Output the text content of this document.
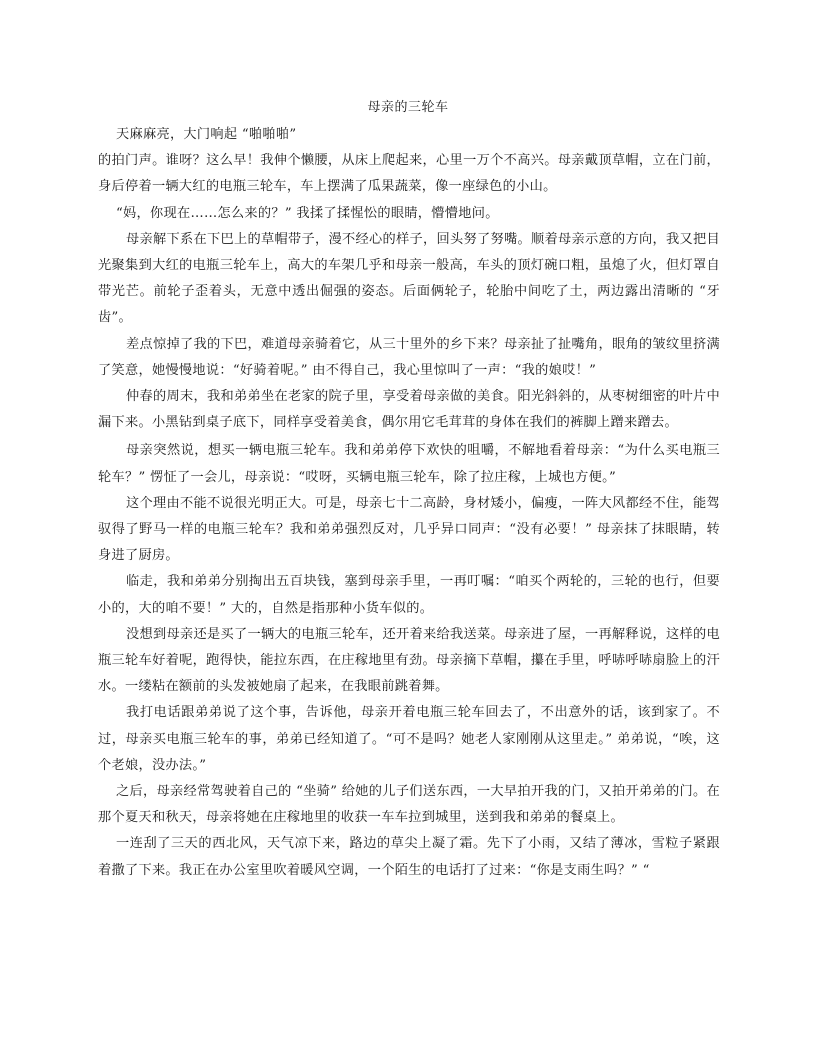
母亲的三轮车

天麻麻亮，大门响起 “啪啪啪”

的拍门声。谁呀？这么早！我伸个懒腰，从床上爬起来，心里一万个不高兴。母亲戴顶草帽，立在门前，身后停着一辆大红的电瓶三轮车，车上摆满了瓜果蔬菜，像一座绿色的小山。

“妈，你现在……怎么来的？” 我揉了揉惺忪的眼睛，懵懵地问。

母亲解下系在下巴上的草帽带子，漫不经心的样子，回头努了努嘴。顺着母亲示意的方向，我又把目光聚集到大红的电瓶三轮车上，高大的车架几乎和母亲一般高，车头的顶灯碗口粗，虽熄了火，但灯罩自带光芒。前轮子歪着头，无意中透出倔强的姿态。后面俩轮子，轮胎中间吃了土，两边露出清晰的 “牙齿”。

差点惊掉了我的下巴，难道母亲骑着它，从三十里外的乡下来？母亲扯了扯嘴角，眼角的皱纹里挤满了笑意，她慢慢地说：“好骑着呢。” 由不得自己，我心里惊叫了一声：“我的娘哎！”

仲春的周末，我和弟弟坐在老家的院子里，享受着母亲做的美食。阳光斜斜的，从枣树细密的叶片中漏下来。小黑钻到桌子底下，同样享受着美食，偶尔用它毛茸茸的身体在我们的裤脚上蹭来蹭去。

母亲突然说，想买一辆电瓶三轮车。我和弟弟停下欢快的咀嚼，不解地看着母亲：“为什么买电瓶三轮车？” 愣怔了一会儿，母亲说：“哎呀，买辆电瓶三轮车，除了拉庄稼，上城也方便。”

这个理由不能不说很光明正大。可是，母亲七十二高龄，身材矮小，偏瘦，一阵大风都经不住，能驾驭得了野马一样的电瓶三轮车？我和弟弟强烈反对，几乎异口同声：“没有必要！” 母亲抹了抹眼睛，转身进了厨房。

临走，我和弟弟分别掏出五百块钱，塞到母亲手里，一再叮嘱：“咱买个两轮的，三轮的也行，但要小的，大的咱不要！” 大的，自然是指那种小货车似的。

没想到母亲还是买了一辆大的电瓶三轮车，还开着来给我送菜。母亲进了屋，一再解释说，这样的电瓶三轮车好着呢，跑得快，能拉东西，在庄稼地里有劲。母亲摘下草帽，攥在手里，呼哧呼哧扇脸上的汗水。一缕粘在额前的头发被她扇了起来，在我眼前跳着舞。

我打电话跟弟弟说了这个事，告诉他，母亲开着电瓶三轮车回去了，不出意外的话，该到家了。不过，母亲买电瓶三轮车的事，弟弟已经知道了。“可不是吗？她老人家刚刚从这里走。” 弟弟说，“唉，这个老娘，没办法。”

之后，母亲经常驾驶着自己的 “坐骑” 给她的儿子们送东西，一大早拍开我的门，又拍开弟弟的门。在那个夏天和秋天，母亲将她在庄稼地里的收获一车车拉到城里，送到我和弟弟的餐桌上。

一连刮了三天的西北风，天气凉下来，路边的草尖上凝了霜。先下了小雨，又结了薄冰，雪粒子紧跟着撒了下来。我正在办公室里吹着暖风空调，一个陌生的电话打了过来：“你是支雨生吗？” “
